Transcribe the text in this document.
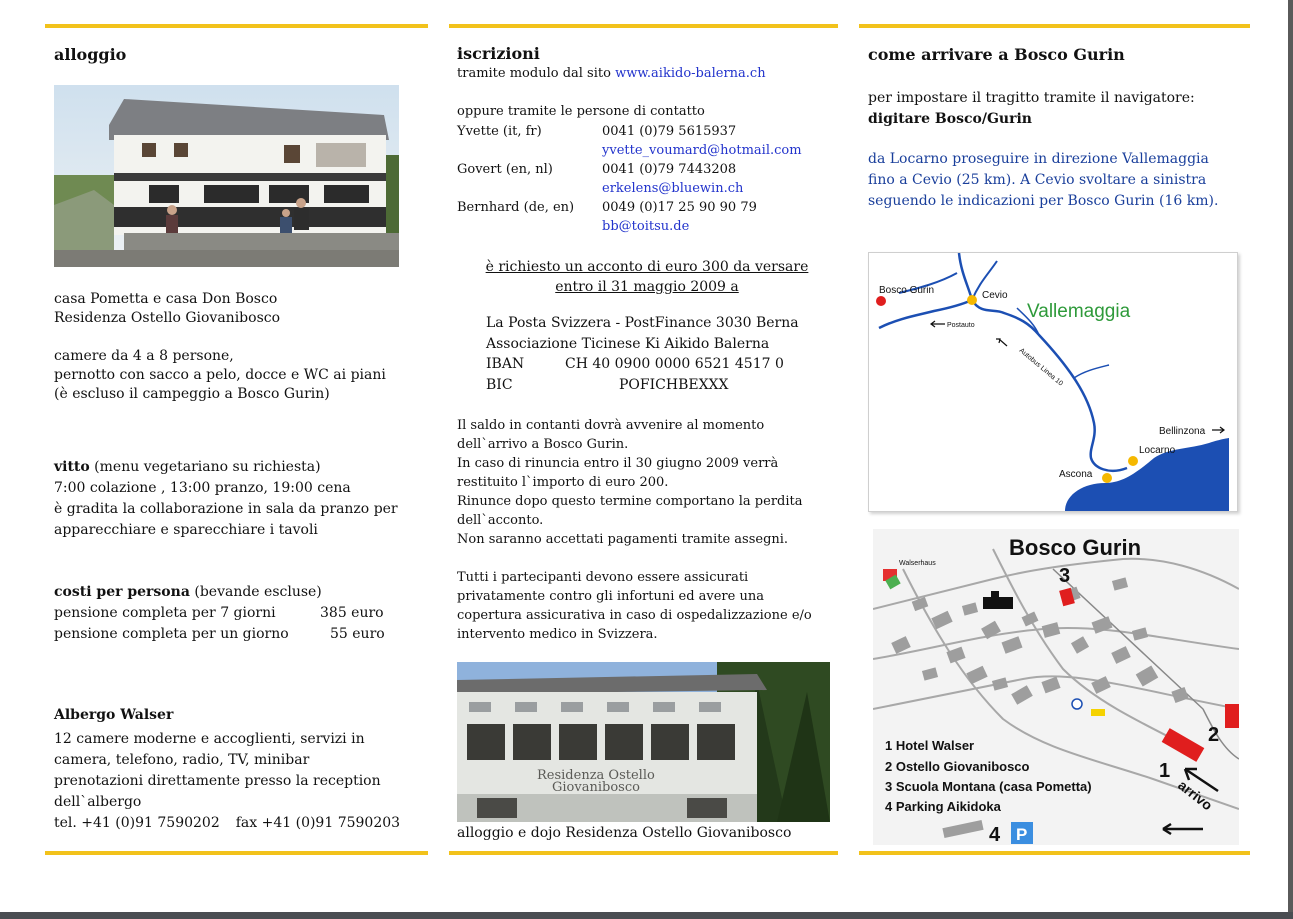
alloggio

casa Pometta e casa Don Bosco

Residenza Ostello Giovanibosco

camere da 4 a 8 persone,

pernotto con sacco a pelo, docce e WC ai piani

(è escluso il campeggio a Bosco Gurin)

vitto (menu vegetariano su richiesta)

7:00 colazione , 13:00 pranzo, 19:00 cena

è gradita la collaborazione in sala da pranzo per

apparecchiare e sparecchiare i tavoli

costi per persona (bevande escluse)

pensione completa per 7 giorni	385 euro
pensione completa per un giorno	55 euro

Albergo Walser

12 camere moderne e accoglienti, servizi in

camera, telefono, radio, TV, minibar

prenotazioni direttamente presso la reception

dell`albergo

tel. +41 (0)91 7590202 fax +41 (0)91 7590203

iscrizioni

tramite modulo dal sito www.aikido-balerna.ch

oppure tramite le persone di contatto

Yvette (it, fr)	0041 (0)79 5615937
yvette_voumard@hotmail.com
Govert (en, nl)	0041 (0)79 7443208
erkelens@bluewin.ch
Bernhard (de, en)	0049 (0)17 25 90 90 79
bb@toitsu.de

è richiesto un acconto di euro 300 da versare

entro il 31 maggio 2009 a

La Posta Svizzera - PostFinance 3030 Berna

Associazione Ticinese Ki Aikido Balerna

IBAN	CH 40 0900 0000 6521 4517 0
BIC	POFICHBEXXX

Il saldo in contanti dovrà avvenire al momento

dell`arrivo a Bosco Gurin.

In caso di rinuncia entro il 30 giugno 2009 verrà

restituito l`importo di euro 200.

Rinunce dopo questo termine comportano la perdita

dell`acconto.

Non saranno accettati pagamenti tramite assegni.

Tutti i partecipanti devono essere assicurati

privatamente contro gli infortuni ed avere una

copertura assicurativa in caso di ospedalizzazione e/o

intervento medico in Svizzera.

Residenza Ostello
Giovanibosco
alloggio e dojo Residenza Ostello Giovanibosco
come arrivare a Bosco Gurin

per impostare il tragitto tramite il navigatore:

digitare Bosco/Gurin

da Locarno proseguire in direzione Vallemaggia

fino a Cevio (25 km). A Cevio svoltare a sinistra

seguendo le indicazioni per Bosco Gurin (16 km).

Bosco Gurin	Cevio
Locarno
Ascona
Bellinzona
Vallemaggia
Postauto
Autobus Linea 10
Walserhaus
Bosco Gurin
3
2
1
4 P
1 Hotel Walser
2 Ostello Giovanibosco
3 Scuola Montana (casa Pometta)
4 Parking Aikidoka	arrivo
